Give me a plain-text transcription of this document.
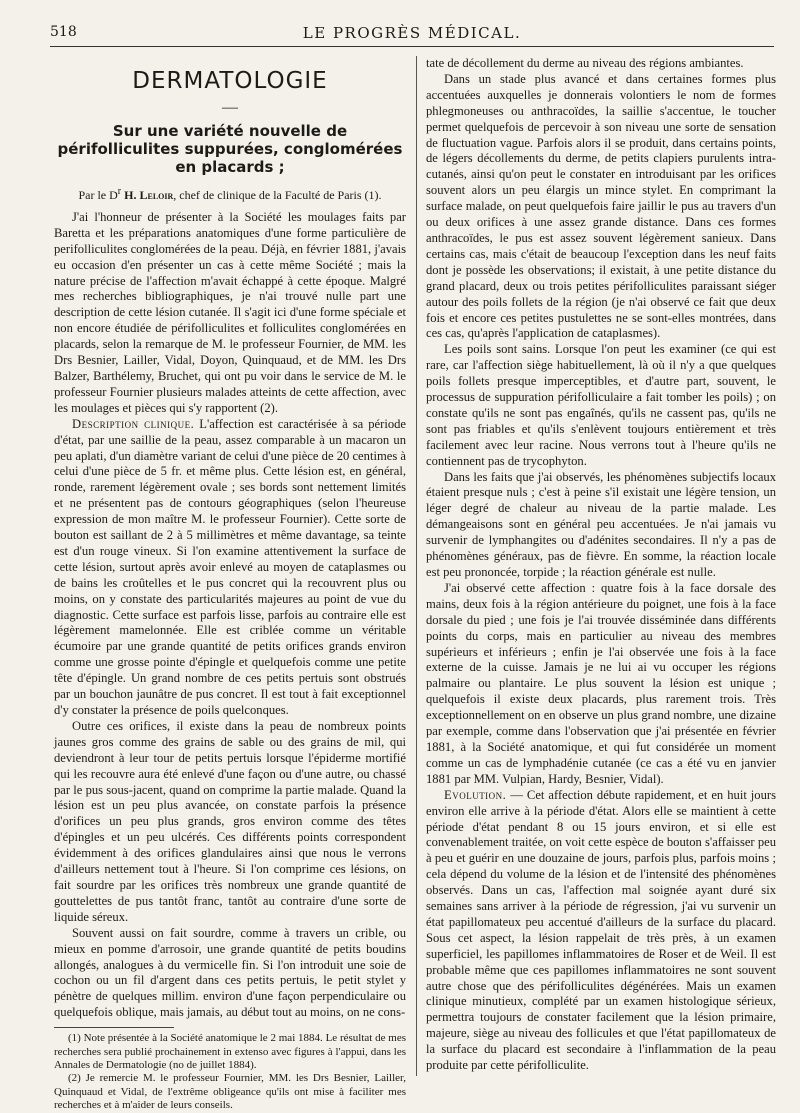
518	LE PROGRÈS MÉDICAL.
DERMATOLOGIE
—
Sur une variété nouvelle de périfolliculites suppurées, conglomérées en placards ;
Par le $D^r$ H. Leloir, chef de clinique de la Faculté de Paris (1).

J'ai l'honneur de présenter à la Société les moulages faits par Baretta et les préparations anatomiques d'une forme particulière de perifolliculites conglomérées de la peau. Déjà, en février 1881, j'avais eu occasion d'en présenter un cas à cette même Société ; mais la nature précise de l'affection m'avait échappé à cette époque. Malgré mes recherches bibliographiques, je n'ai trouvé nulle part une description de cette lésion cutanée. Il s'agit ici d'une forme spéciale et non encore étudiée de périfolliculites et folliculites conglomérées en placards, selon la remarque de M. le professeur Fournier, de MM. les Drs Besnier, Lailler, Vidal, Doyon, Quinquaud, et de MM. les Drs Balzer, Barthélemy, Bruchet, qui ont pu voir dans le service de M. le professeur Fournier plusieurs malades atteints de cette affection, avec les moulages et pièces qui s'y rapportent (2).

Description clinique. L'affection est caractérisée à sa période d'état, par une saillie de la peau, assez comparable à un macaron un peu aplati, d'un diamètre variant de celui d'une pièce de 20 centimes à celui d'une pièce de 5 fr. et même plus. Cette lésion est, en général, ronde, rarement légèrement ovale ; ses bords sont nettement limités et ne présentent pas de contours géographiques (selon l'heureuse expression de mon maître M. le professeur Fournier). Cette sorte de bouton est saillant de 2 à 5 millimètres et même davantage, sa teinte est d'un rouge vineux. Si l'on examine attentivement la surface de cette lésion, surtout après avoir enlevé au moyen de cataplasmes ou de bains les croûtelles et le pus concret qui la recouvrent plus ou moins, on y constate des particularités majeures au point de vue du diagnostic. Cette surface est parfois lisse, parfois au contraire elle est légèrement mamelonnée. Elle est criblée comme un véritable écumoire par une grande quantité de petits orifices grands environ comme une grosse pointe d'épingle et quelquefois comme une petite tête d'épingle. Un grand nombre de ces petits pertuis sont obstrués par un bouchon jaunâtre de pus concret. Il est tout à fait exceptionnel d'y constater la présence de poils quelconques.

Outre ces orifices, il existe dans la peau de nombreux points jaunes gros comme des grains de sable ou des grains de mil, qui deviendront à leur tour de petits pertuis lorsque l'épiderme mortifié qui les recouvre aura été enlevé d'une façon ou d'une autre, ou chassé par le pus sous-jacent, quand on comprime la partie malade. Quand la lésion est un peu plus avancée, on constate parfois la présence d'orifices un peu plus grands, gros environ comme des têtes d'épingles et un peu ulcérés. Ces différents points correspondent évidemment à des orifices glandulaires ainsi que nous le verrons d'ailleurs nettement tout à l'heure. Si l'on comprime ces lésions, on fait sourdre par les orifices très nombreux une grande quantité de gouttelettes de pus tantôt franc, tantôt au contraire d'une sorte de liquide séreux.

Souvent aussi on fait sourdre, comme à travers un crible, ou mieux en pomme d'arrosoir, une grande quantité de petits boudins allongés, analogues à du vermicelle fin. Si l'on introduit une soie de cochon ou un fil d'argent dans ces petits pertuis, le petit stylet y pénètre de quelques millim. environ d'une façon perpendiculaire ou quelquefois oblique, mais jamais, au début tout au moins, on ne cons-

(1) Note présentée à la Société anatomique le 2 mai 1884. Le résultat de mes recherches sera publié prochainement in extenso avec figures à l'appui, dans les Annales de Dermatologie (no de juillet 1884).

(2) Je remercie M. le professeur Fournier, MM. les Drs Besnier, Lailler, Quinquaud et Vidal, de l'extrême obligeance qu'ils ont mise à faciliter mes recherches et à m'aider de leurs conseils.

tate de décollement du derme au niveau des régions ambiantes.

Dans un stade plus avancé et dans certaines formes plus accentuées auxquelles je donnerais volontiers le nom de formes phlegmoneuses ou anthracoïdes, la saillie s'accentue, le toucher permet quelquefois de percevoir à son niveau une sorte de sensation de fluctuation vague. Parfois alors il se produit, dans certains points, de légers décollements du derme, de petits clapiers purulents intra-cutanés, ainsi qu'on peut le constater en introduisant par les orifices souvent alors un peu élargis un mince stylet. En comprimant la surface malade, on peut quelquefois faire jaillir le pus au travers d'un ou deux orifices à une assez grande distance. Dans ces formes anthracoïdes, le pus est assez souvent légèrement sanieux. Dans certains cas, mais c'était de beaucoup l'exception dans les neuf faits dont je possède les observations; il existait, à une petite distance du grand placard, deux ou trois petites périfolliculites paraissant siéger autour des poils follets de la région (je n'ai observé ce fait que deux fois et encore ces petites pustulettes ne se sont-elles montrées, dans ces cas, qu'après l'application de cataplasmes).

Les poils sont sains. Lorsque l'on peut les examiner (ce qui est rare, car l'affection siège habituellement, là où il n'y a que quelques poils follets presque imperceptibles, et d'autre part, souvent, le processus de suppuration périfolliculaire a fait tomber les poils) ; on constate qu'ils ne sont pas engaînés, qu'ils ne cassent pas, qu'ils ne sont pas friables et qu'ils s'enlèvent toujours entièrement et très facilement avec leur racine. Nous verrons tout à l'heure qu'ils ne contiennent pas de trycophyton.

Dans les faits que j'ai observés, les phénomènes subjectifs locaux étaient presque nuls ; c'est à peine s'il existait une légère tension, un léger degré de chaleur au niveau de la partie malade. Les démangeaisons sont en général peu accentuées. Je n'ai jamais vu survenir de lymphangites ou d'adénites secondaires. Il n'y a pas de phénomènes généraux, pas de fièvre. En somme, la réaction locale est peu prononcée, torpide ; la réaction générale est nulle.

J'ai observé cette affection : quatre fois à la face dorsale des mains, deux fois à la région antérieure du poignet, une fois à la face dorsale du pied ; une fois je l'ai trouvée disséminée dans différents points du corps, mais en particulier au niveau des membres supérieurs et inférieurs ; enfin je l'ai observée une fois à la face externe de la cuisse. Jamais je ne lui ai vu occuper les régions palmaire ou plantaire. Le plus souvent la lésion est unique ; quelquefois il existe deux placards, plus rarement trois. Très exceptionnellement on en observe un plus grand nombre, une dizaine par exemple, comme dans l'observation que j'ai présentée en février 1881, à la Société anatomique, et qui fut considérée un moment comme un cas de lymphadénie cutanée (ce cas a été vu en janvier 1881 par MM. Vulpian, Hardy, Besnier, Vidal).

Evolution. — Cet affection débute rapidement, et en huit jours environ elle arrive à la période d'état. Alors elle se maintient à cette période d'état pendant 8 ou 15 jours environ, et si elle est convenablement traitée, on voit cette espèce de bouton s'affaisser peu à peu et guérir en une douzaine de jours, parfois plus, parfois moins ; cela dépend du volume de la lésion et de l'intensité des phénomènes observés. Dans un cas, l'affection mal soignée ayant duré six semaines sans arriver à la période de régression, j'ai vu survenir un état papillomateux peu accentué d'ailleurs de la surface du placard. Sous cet aspect, la lésion rappelait de très près, à un examen superficiel, les papillomes inflammatoires de Roser et de Weil. Il est probable même que ces papillomes inflammatoires ne sont souvent autre chose que des périfolliculites dégénérées. Mais un examen clinique minutieux, complété par un examen histologique sérieux, permettra toujours de constater facilement que la lésion primaire, majeure, siège au niveau des follicules et que l'état papillomateux de la surface du placard est secondaire à l'inflammation de la peau produite par cette périfolliculite.
